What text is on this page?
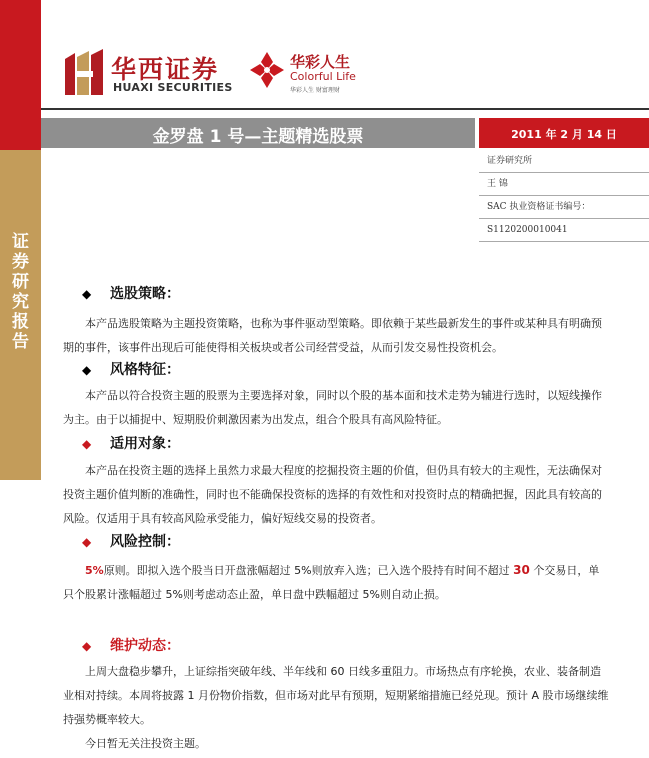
证券研究报告
华西证券
HUAXI SECURITIES
华彩人生
Colorful Life
华彩人生 财富理财
金罗盘 1 号—主题精选股票	2011 年 2 月 14 日
证券研究所
王 锦
SAC 执业资格证书编号：
S1120200010041
◆ 选股策略：
本产品选股策略为主题投资策略，也称为事件驱动型策略。即依赖于某些最新发生的事件或某种具有明确预期的事件，该事件出现后可能使得相关板块或者公司经营受益，从而引发交易性投资机会。
◆ 风格特征：
本产品以符合投资主题的股票为主要选择对象，同时以个股的基本面和技术走势为辅进行选时，以短线操作为主。由于以捕捉中、短期股价刺激因素为出发点，组合个股具有高风险特征。
◆ 适用对象：
本产品在投资主题的选择上虽然力求最大程度的挖掘投资主题的价值，但仍具有较大的主观性，无法确保对投资主题价值判断的准确性，同时也不能确保投资标的选择的有效性和对投资时点的精确把握，因此具有较高的风险。仅适用于具有较高风险承受能力，偏好短线交易的投资者。
◆ 风险控制：
5%原则。即拟入选个股当日开盘涨幅超过 5%则放弃入选；已入选个股持有时间不超过 30 个交易日，单只个股累计涨幅超过 5%则考虑动态止盈，单日盘中跌幅超过 5%则自动止损。
◆ 维护动态：
上周大盘稳步攀升，上证综指突破年线、半年线和 60 日线多重阻力。市场热点有序轮换，农业、装备制造业相对持续。本周将披露 1 月份物价指数，但市场对此早有预期，短期紧缩措施已经兑现。预计 A 股市场继续维持强势概率较大。
今日暂无关注投资主题。
